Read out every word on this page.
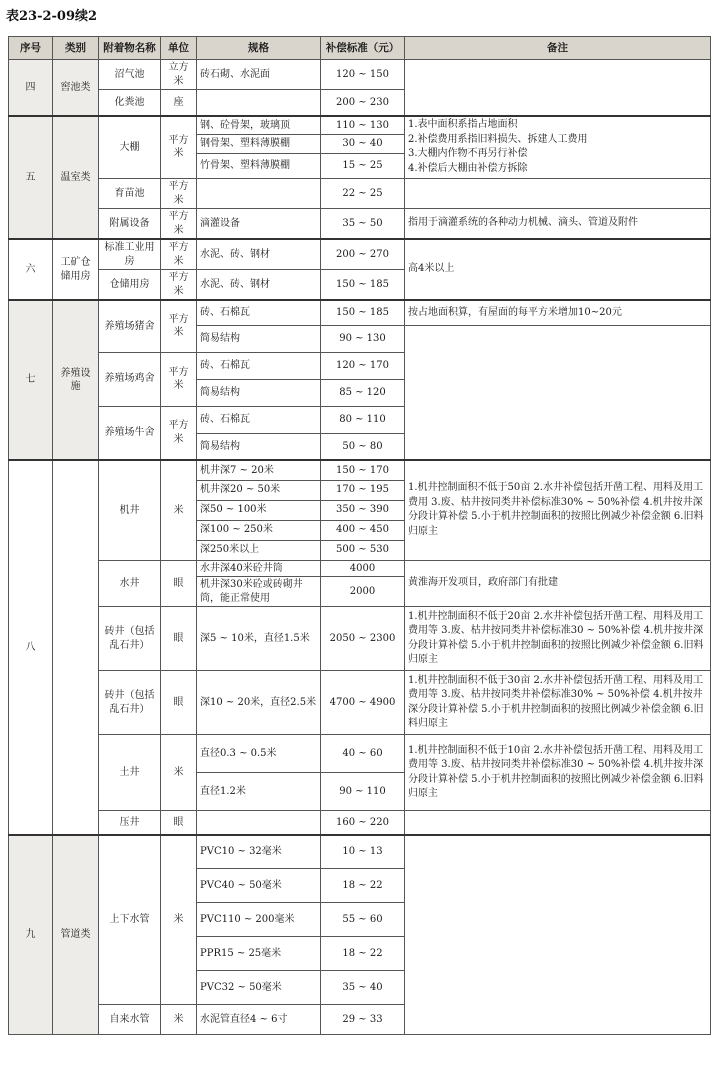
表23-2-09续2
序号	类别	附着物名称	单位	规格	补偿标准（元）	备注
四	窖池类	沼气池	立方米	砖石砌、水泥面	120 ~ 150	
		化粪池	座		200 ~ 230	
五	温室类	大棚	平方米	钢、砼骨架，玻璃顶	110 ~ 130	1.表中面积系指占地面积
2.补偿费用系指旧料损失、拆建人工费用
3.大棚内作物不再另行补偿
4.补偿后大棚由补偿方拆除

				钢骨架、塑料薄膜棚	30 ~ 40	
				竹骨架、塑料薄膜棚	15 ~ 25	
		育苗池	平方米		22 ~ 25	
		附属设备	平方米	滴灌设备	35 ~ 50	指用于滴灌系统的各种动力机械、滴头、管道及附件
六	工矿仓储用房	标准工业用房	平方米	水泥、砖、钢材	200 ~ 270	高4米以上
		仓储用房	平方米	水泥、砖、钢材	150 ~ 185	
七	养殖设施	养殖场猪舍	平方米	砖、石棉瓦	150 ~ 185	按占地面积算，有屋面的每平方米增加10~20元
				简易结构	90 ~ 130	
		养殖场鸡舍	平方米	砖、石棉瓦	120 ~ 170	
				简易结构	85 ~ 120	
		养殖场牛舍	平方米	砖、石棉瓦	80 ~ 110	
				简易结构	50 ~ 80	
八		机井	米	机井深7 ~ 20米	150 ~ 170	1.机井控制面积不低于50亩 2.水井补偿包括开凿工程、用料及用工费用 3.废、枯井按同类井补偿标准30% ~ 50%补偿 4.机井按井深分段计算补偿 5.小于机井控制面积的按照比例减少补偿金额 6.旧料归原主
				机井深20 ~ 50米	170 ~ 195	
				深50 ~ 100米	350 ~ 390	
				深100 ~ 250米	400 ~ 450	
				深250米以上	500 ~ 530	
		水井	眼	水井深40米砼井筒	4000	黄淮海开发项目，政府部门有批建
				机井深30米砼或砖砌井筒，能正常使用	2000	
		砖井（包括乱石井）	眼	深5 ~ 10米，直径1.5米	2050 ~ 2300	1.机井控制面积不低于20亩 2.水井补偿包括开凿工程、用料及用工费用等 3.废、枯井按同类井补偿标准30 ~ 50%补偿 4.机井按井深分段计算补偿 5.小于机井控制面积的按照比例减少补偿金额 6.旧料归原主
		砖井（包括乱石井）	眼	深10 ~ 20米，直径2.5米	4700 ~ 4900	1.机井控制面积不低于30亩 2.水井补偿包括开凿工程、用料及用工费用等 3.废、枯井按同类井补偿标准30% ~ 50%补偿 4.机井按井深分段计算补偿 5.小于机井控制面积的按照比例减少补偿金额 6.旧料归原主
		土井	米	直径0.3 ~ 0.5米	40 ~ 60	1.机井控制面积不低于10亩 2.水井补偿包括开凿工程、用料及用工费用等 3.废、枯井按同类井补偿标准30 ~ 50%补偿 4.机井按井深分段计算补偿 5.小于机井控制面积的按照比例减少补偿金额 6.旧料归原主
				直径1.2米	90 ~ 110	
		压井	眼		160 ~ 220	
九	管道类	上下水管	米	PVC10 ~ 32毫米	10 ~ 13	
				PVC40 ~ 50毫米	18 ~ 22	
				PVC110 ~ 200毫米	55 ~ 60	
				PPR15 ~ 25毫米	18 ~ 22	
				PVC32 ~ 50毫米	35 ~ 40	
		自来水管	米	水泥管直径4 ~ 6寸	29 ~ 33	
